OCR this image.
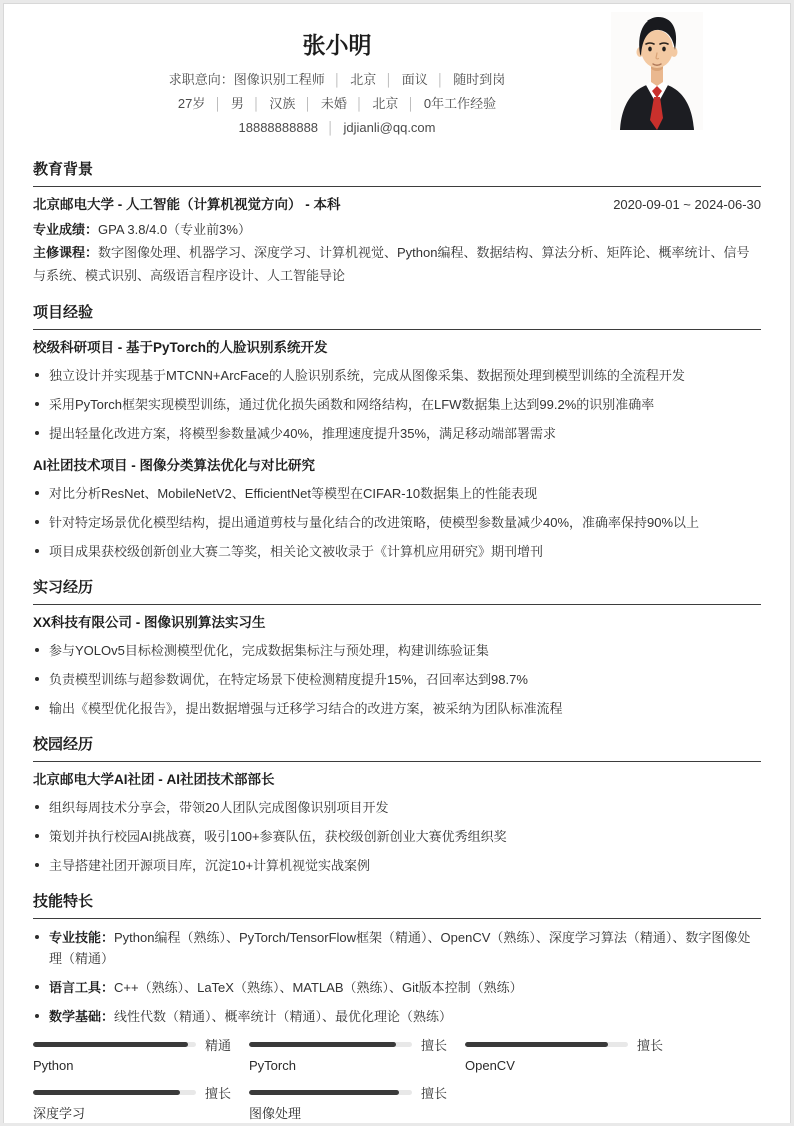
张小明
求职意向：图像识别工程师 │ 北京 │ 面议 │ 随时到岗
27岁 │ 男 │ 汉族 │ 未婚 │ 北京 │ 0年工作经验
18888888888 │ jdjianli@qq.com
教育背景
北京邮电大学 - 人工智能（计算机视觉方向） - 本科	2020-09-01 ~ 2024-06-30
专业成绩：GPA 3.8/4.0（专业前3%）
主修课程：数字图像处理、机器学习、深度学习、计算机视觉、Python编程、数据结构、算法分析、矩阵论、概率统计、信号与系统、模式识别、高级语言程序设计、人工智能导论
项目经验
校级科研项目 - 基于PyTorch的人脸识别系统开发
独立设计并实现基于MTCNN+ArcFace的人脸识别系统，完成从图像采集、数据预处理到模型训练的全流程开发
采用PyTorch框架实现模型训练，通过优化损失函数和网络结构，在LFW数据集上达到99.2%的识别准确率
提出轻量化改进方案，将模型参数量减少40%，推理速度提升35%，满足移动端部署需求
AI社团技术项目 - 图像分类算法优化与对比研究
对比分析ResNet、MobileNetV2、EfficientNet等模型在CIFAR-10数据集上的性能表现
针对特定场景优化模型结构，提出通道剪枝与量化结合的改进策略，使模型参数量减少40%，准确率保持90%以上
项目成果获校级创新创业大赛二等奖，相关论文被收录于《计算机应用研究》期刊增刊
实习经历
XX科技有限公司 - 图像识别算法实习生
参与YOLOv5目标检测模型优化，完成数据集标注与预处理，构建训练验证集
负责模型训练与超参数调优，在特定场景下使检测精度提升15%，召回率达到98.7%
输出《模型优化报告》，提出数据增强与迁移学习结合的改进方案，被采纳为团队标准流程
校园经历
北京邮电大学AI社团 - AI社团技术部部长
组织每周技术分享会，带领20人团队完成图像识别项目开发
策划并执行校园AI挑战赛，吸引100+参赛队伍，获校级创新创业大赛优秀组织奖
主导搭建社团开源项目库，沉淀10+计算机视觉实战案例
技能特长
专业技能：Python编程（熟练）、PyTorch/TensorFlow框架（精通）、OpenCV（熟练）、深度学习算法（精通）、数字图像处理（精通）
语言工具：C++（熟练）、LaTeX（熟练）、MATLAB（熟练）、Git版本控制（熟练）
数学基础：线性代数（精通）、概率统计（精通）、最优化理论（熟练）
精通
Python
擅长
PyTorch
擅长
OpenCV
擅长
深度学习
擅长
图像处理
